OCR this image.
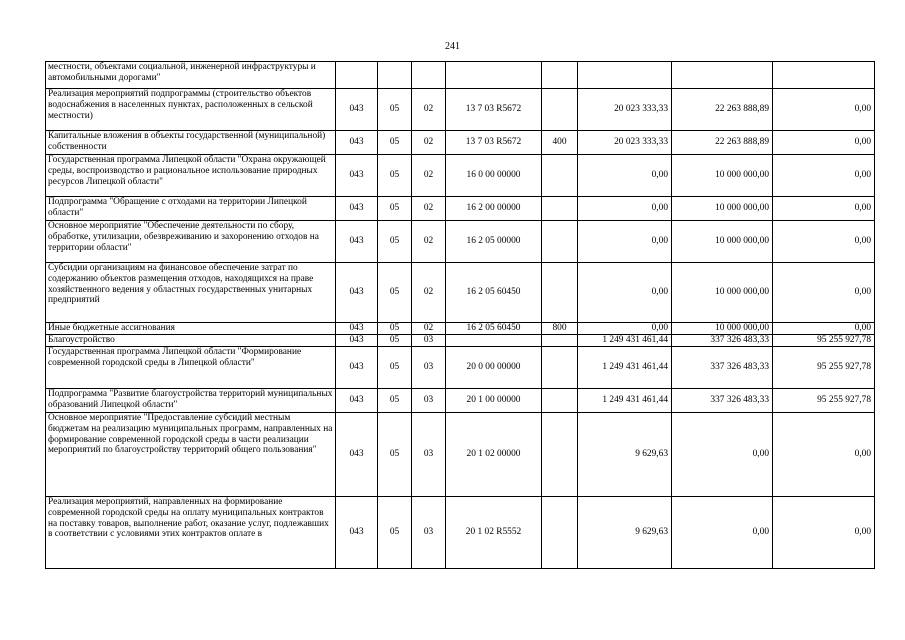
241
местности, объектами социальной, инженерной инфраструктуры и автомобильными дорогами"								
Реализация мероприятий подпрограммы (строительство объектов водоснабжения в населенных пунктах, расположенных в сельской местности)	043	05	02	13 7 03 R5672		20 023 333,33	22 263 888,89	0,00
Капитальные вложения в объекты государственной (муниципальной) собственности	043	05	02	13 7 03 R5672	400	20 023 333,33	22 263 888,89	0,00
Государственная программа Липецкой области "Охрана окружающей среды, воспроизводство и рациональное использование природных ресурсов Липецкой области"	043	05	02	16 0 00 00000		0,00	10 000 000,00	0,00
Подпрограмма "Обращение с отходами на территории Липецкой области"	043	05	02	16 2 00 00000		0,00	10 000 000,00	0,00
Основное мероприятие "Обеспечение деятельности по сбору, обработке, утилизации, обезвреживанию и захоронению отходов на территории области"	043	05	02	16 2 05 00000		0,00	10 000 000,00	0,00
Субсидии организациям на финансовое обеспечение затрат по содержанию объектов размещения отходов, находящихся на праве хозяйственного ведения у областных государственных унитарных предприятий	043	05	02	16 2 05 60450		0,00	10 000 000,00	0,00
Иные бюджетные ассигнования	043	05	02	16 2 05 60450	800	0,00	10 000 000,00	0,00
Благоустройство	043	05	03			1 249 431 461,44	337 326 483,33	95 255 927,78
Государственная программа Липецкой области "Формирование современной городской среды в Липецкой области"	043	05	03	20 0 00 00000		1 249 431 461,44	337 326 483,33	95 255 927,78
Подпрограмма "Развитие благоустройства территорий муниципальных образований Липецкой области"	043	05	03	20 1 00 00000		1 249 431 461,44	337 326 483,33	95 255 927,78
Основное мероприятие "Предоставление субсидий местным бюджетам на реализацию муниципальных программ, направленных на формирование современной городской среды в части реализации мероприятий по благоустройству территорий общего пользования"	043	05	03	20 1 02 00000		9 629,63	0,00	0,00
Реализация мероприятий, направленных на формирование современной городской среды на оплату муниципальных контрактов на поставку товаров, выполнение работ, оказание услуг, подлежавших в соответствии с условиями этих контрактов оплате в	043	05	03	20 1 02 R5552		9 629,63	0,00	0,00
